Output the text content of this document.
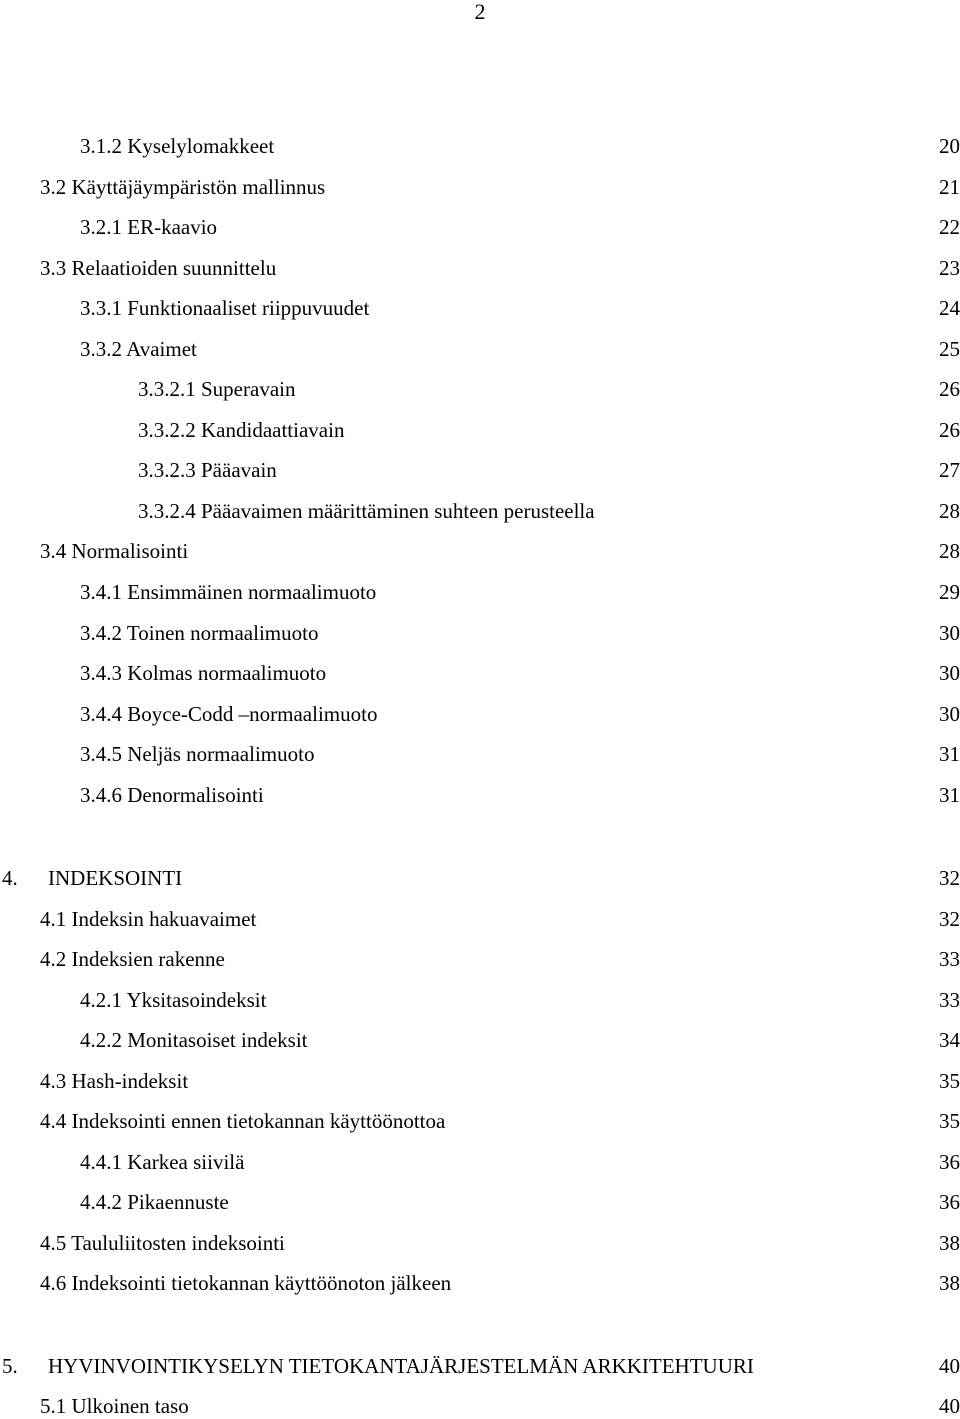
2
3.1.2 Kyselylomakkeet	20
3.2 Käyttäjäympäristön mallinnus	21
3.2.1 ER-kaavio	22
3.3 Relaatioiden suunnittelu	23
3.3.1 Funktionaaliset riippuvuudet	24
3.3.2 Avaimet	25
3.3.2.1 Superavain	26
3.3.2.2 Kandidaattiavain	26
3.3.2.3 Pääavain	27
3.3.2.4 Pääavaimen määrittäminen suhteen perusteella	28
3.4 Normalisointi	28
3.4.1 Ensimmäinen normaalimuoto	29
3.4.2 Toinen normaalimuoto	30
3.4.3 Kolmas normaalimuoto	30
3.4.4 Boyce-Codd –normaalimuoto	30
3.4.5 Neljäs normaalimuoto	31
3.4.6 Denormalisointi	31
4. INDEKSOINTI	32
4.1 Indeksin hakuavaimet	32
4.2 Indeksien rakenne	33
4.2.1 Yksitasoindeksit	33
4.2.2 Monitasoiset indeksit	34
4.3 Hash-indeksit	35
4.4 Indeksointi ennen tietokannan käyttöönottoa	35
4.4.1 Karkea siivilä	36
4.4.2 Pikaennuste	36
4.5 Taululiitosten indeksointi	38
4.6 Indeksointi tietokannan käyttöönoton jälkeen	38
5. HYVINVOINTIKYSELYN TIETOKANTAJÄRJESTELMÄN ARKKITEHTUURI	40
5.1 Ulkoinen taso	40
